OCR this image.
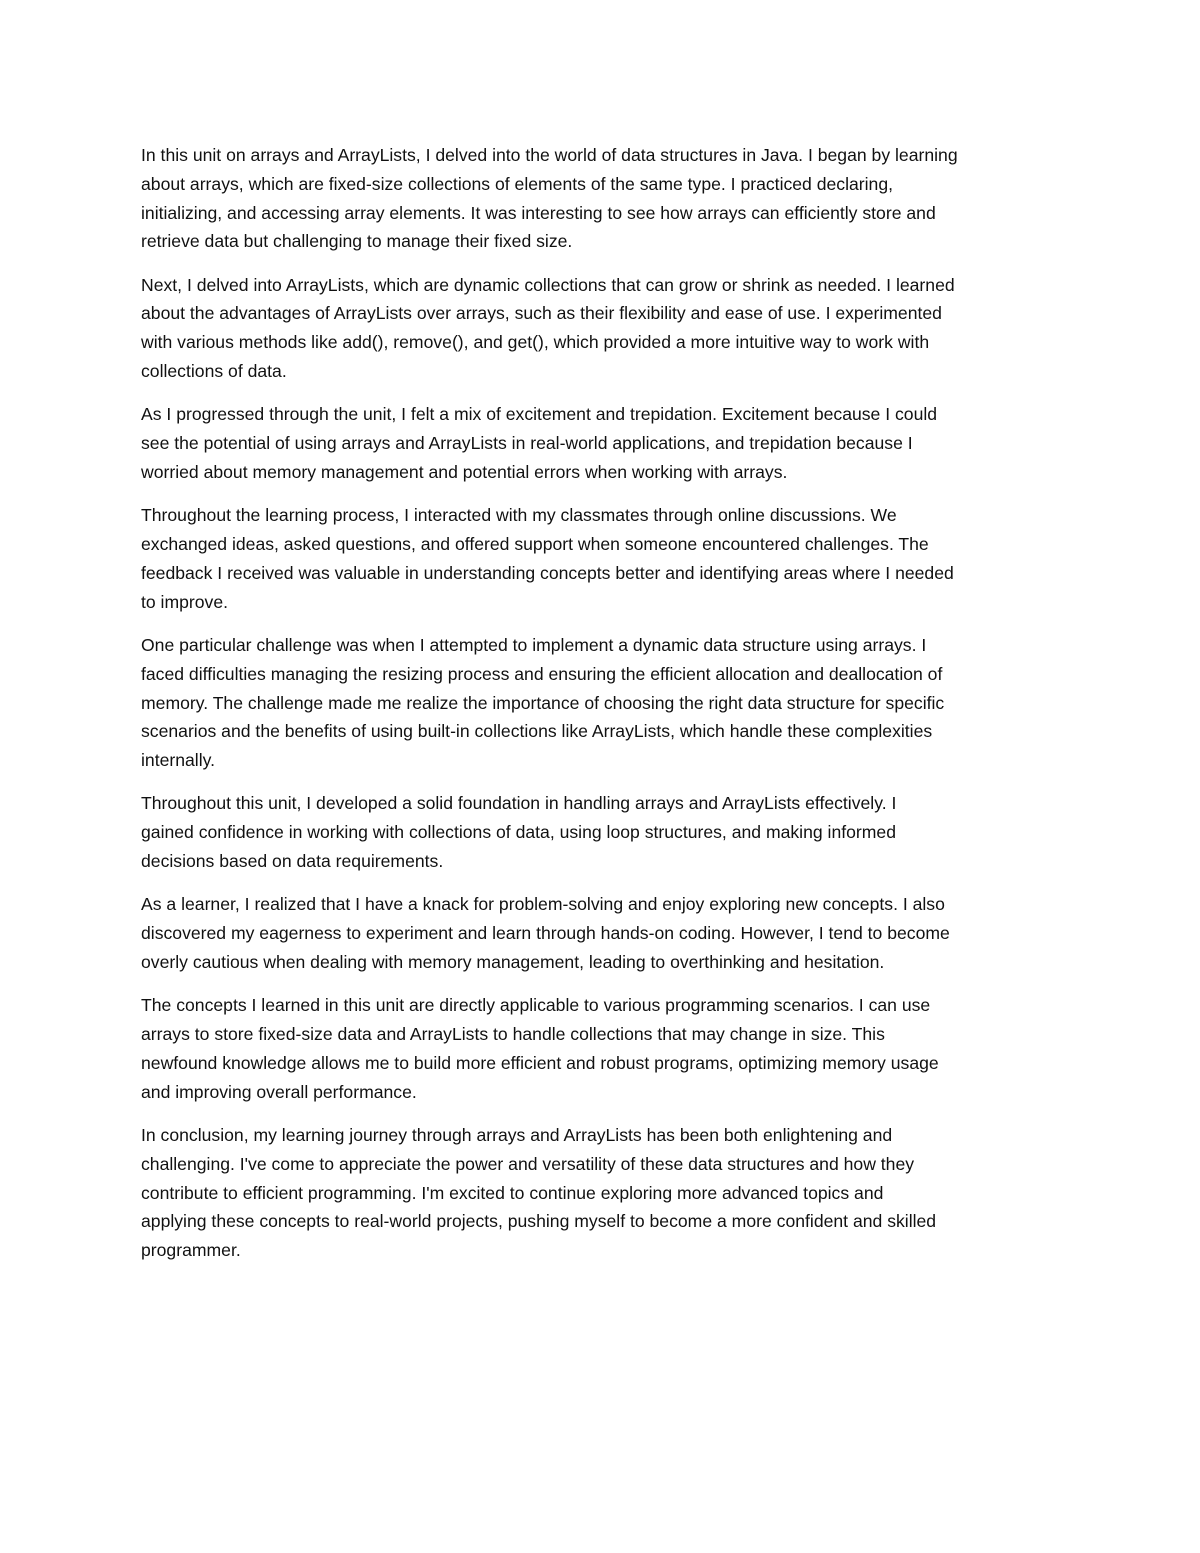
In this unit on arrays and ArrayLists, I delved into the world of data structures in Java. I began by learning
about arrays, which are fixed-size collections of elements of the same type. I practiced declaring,
initializing, and accessing array elements. It was interesting to see how arrays can efficiently store and
retrieve data but challenging to manage their fixed size.

Next, I delved into ArrayLists, which are dynamic collections that can grow or shrink as needed. I learned
about the advantages of ArrayLists over arrays, such as their flexibility and ease of use. I experimented
with various methods like add(), remove(), and get(), which provided a more intuitive way to work with
collections of data.

As I progressed through the unit, I felt a mix of excitement and trepidation. Excitement because I could
see the potential of using arrays and ArrayLists in real-world applications, and trepidation because I
worried about memory management and potential errors when working with arrays.

Throughout the learning process, I interacted with my classmates through online discussions. We
exchanged ideas, asked questions, and offered support when someone encountered challenges. The
feedback I received was valuable in understanding concepts better and identifying areas where I needed
to improve.

One particular challenge was when I attempted to implement a dynamic data structure using arrays. I
faced difficulties managing the resizing process and ensuring the efficient allocation and deallocation of
memory. The challenge made me realize the importance of choosing the right data structure for specific
scenarios and the benefits of using built-in collections like ArrayLists, which handle these complexities
internally.

Throughout this unit, I developed a solid foundation in handling arrays and ArrayLists effectively. I
gained confidence in working with collections of data, using loop structures, and making informed
decisions based on data requirements.

As a learner, I realized that I have a knack for problem-solving and enjoy exploring new concepts. I also
discovered my eagerness to experiment and learn through hands-on coding. However, I tend to become
overly cautious when dealing with memory management, leading to overthinking and hesitation.

The concepts I learned in this unit are directly applicable to various programming scenarios. I can use
arrays to store fixed-size data and ArrayLists to handle collections that may change in size. This
newfound knowledge allows me to build more efficient and robust programs, optimizing memory usage
and improving overall performance.

In conclusion, my learning journey through arrays and ArrayLists has been both enlightening and
challenging. I've come to appreciate the power and versatility of these data structures and how they
contribute to efficient programming. I'm excited to continue exploring more advanced topics and
applying these concepts to real-world projects, pushing myself to become a more confident and skilled
programmer.
